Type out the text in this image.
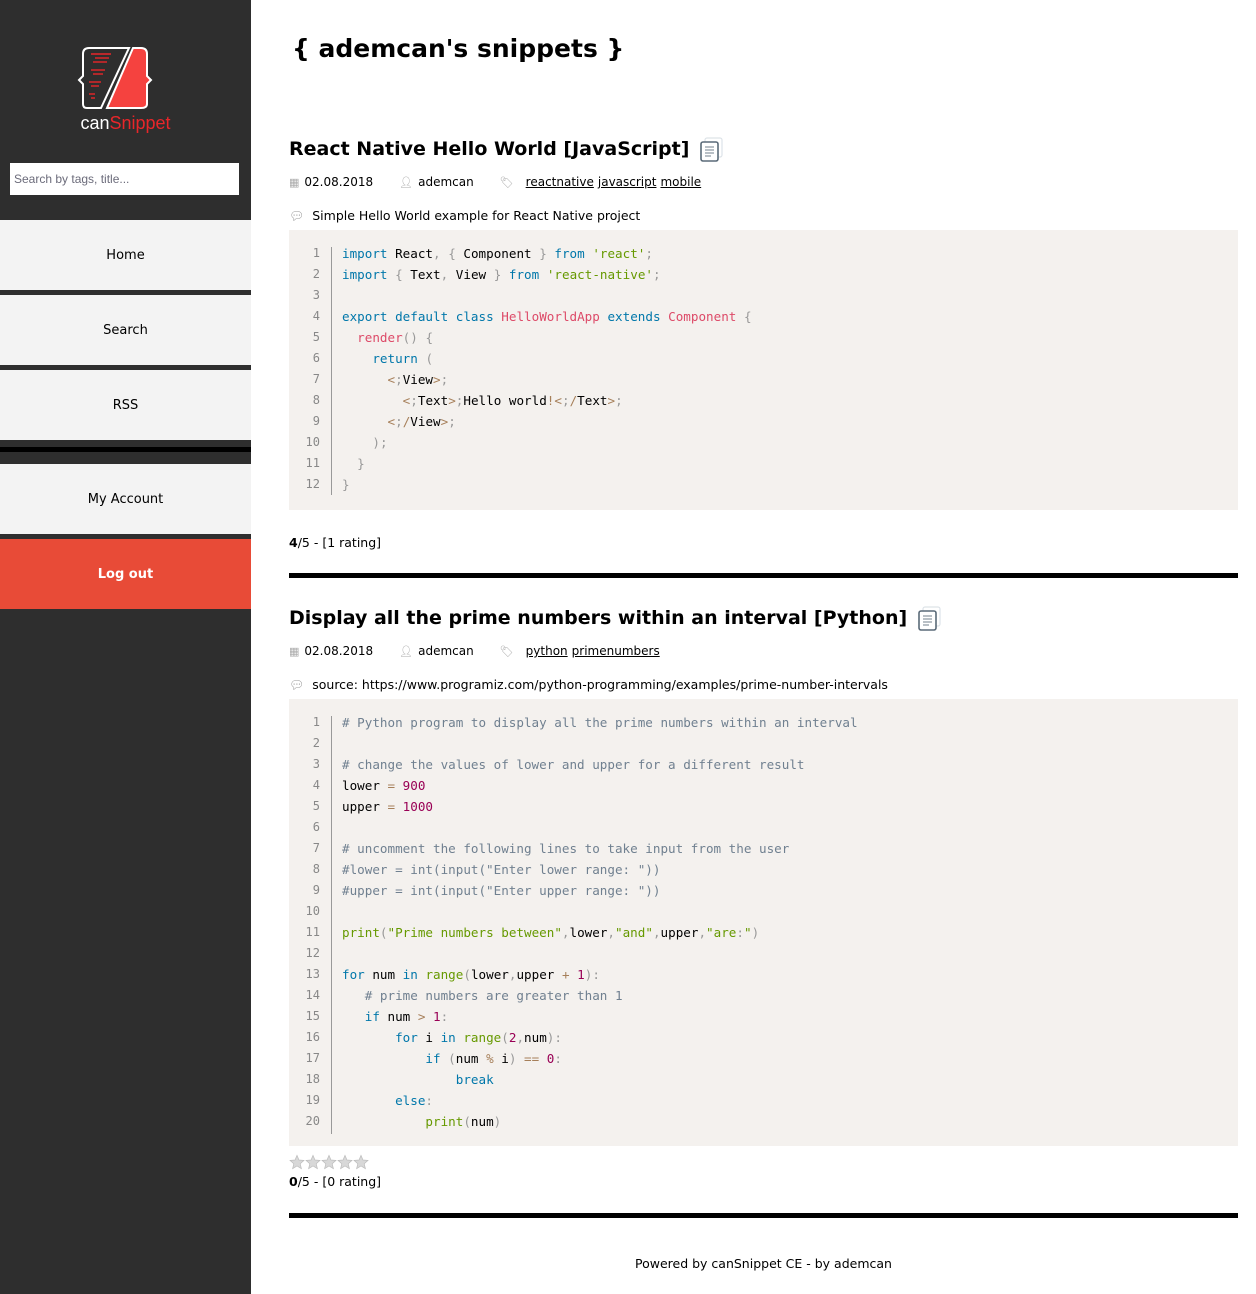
canSnippet
Search by tags, title...
Home
Search
RSS
My Account
Log out
{ ademcan's snippets }
React Native Hello World [JavaScript]
▦ 02.08.2018 👤︎ ademcan 🏷︎ reactnative javascript mobile
💬︎ Simple Hello World example for React Native project
1 import React, { Component } from 'react';
2 import { Text, View } from 'react-native';
3
4 export default class HelloWorldApp extends Component {
5	render() {
6	return (
7	<;View>;
8	<;Text>;Hello world!<;/Text>;
9	<;/View>;
10	);
11	}
12 }
4/5 - [1 rating]
Display all the prime numbers within an interval [Python]
▦ 02.08.2018 👤︎ ademcan 🏷︎ python primenumbers
💬︎ source: https://www.programiz.com/python-programming/examples/prime-number-intervals
1 # Python program to display all the prime numbers within an interval
2
3 # change the values of lower and upper for a different result
4 lower = 900
5 upper = 1000
6
7 # uncomment the following lines to take input from the user
8 #lower = int(input("Enter lower range: "))
9 #upper = int(input("Enter upper range: "))
10
11 print("Prime numbers between",lower,"and",upper,"are:")
12
13 for num in range(lower,upper + 1):
14 # prime numbers are greater than 1
15	if num > 1:
16	for i in range(2,num):
17	if (num % i) == 0:
18	break
19	else:
20	print(num)
0/5 - [0 rating]
Powered by canSnippet CE - by ademcan
